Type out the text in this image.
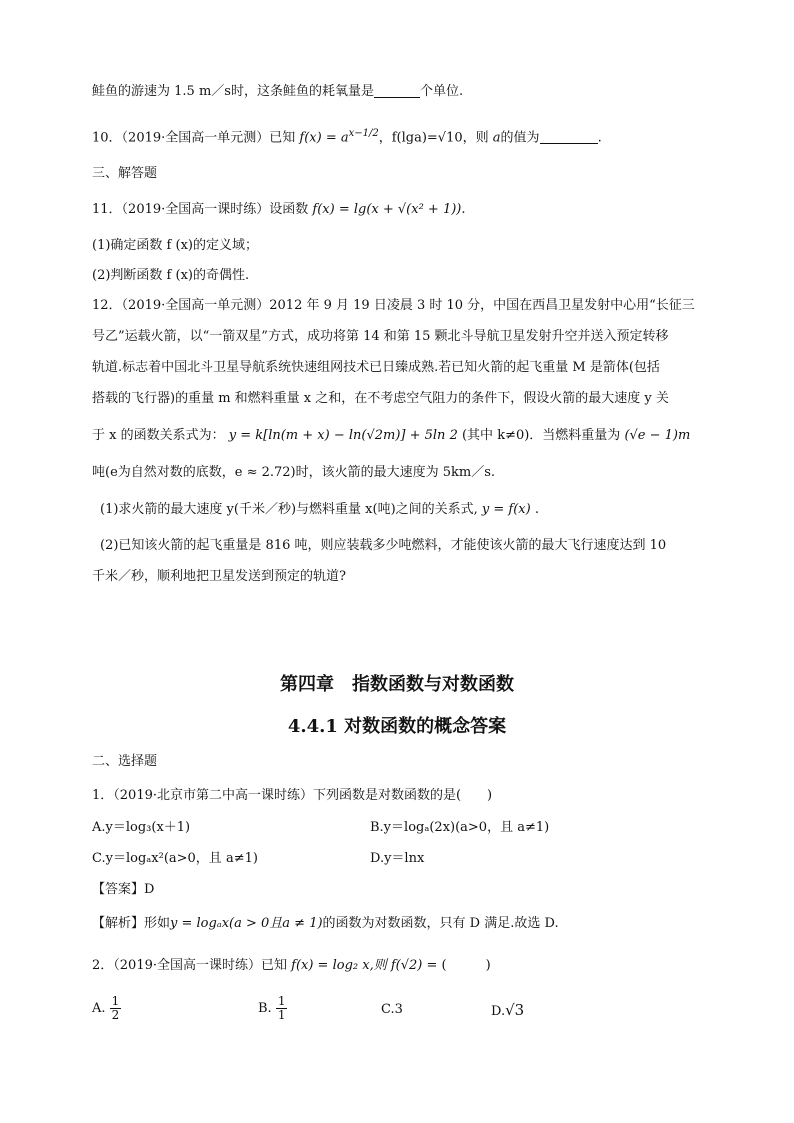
鲑鱼的游速为 1.5 m／s时，这条鲑鱼的耗氧量是	个单位.
10．（2019·全国高一单元测）已知 $f(x) = a^{x-1/2}$，f(lga)=√10，则 a的值为	.
三、解答题
11．（2019·全国高一课时练）设函数 f(x) = lg(x + √(x² + 1)).
(1)确定函数 f (x)的定义域；
(2)判断函数 f (x)的奇偶性.
12．（2019·全国高一单元测）2012 年 9 月 19 日凌晨 3 时 10 分，中国在西昌卫星发射中心用“长征三
号乙”运载火箭，以“一箭双星”方式，成功将第 14 和第 15 颗北斗导航卫星发射升空并送入预定转移
轨道.标志着中国北斗卫星导航系统快速组网技术已日臻成熟.若已知火箭的起飞重量 M 是箭体(包括
搭载的飞行器)的重量 m 和燃料重量 x 之和，在不考虑空气阻力的条件下，假设火箭的最大速度 y 关
于 x 的函数关系式为： y = k[ln(m + x) − ln(√2m)] + 5ln 2 (其中 k≠0)．当燃料重量为 (√e − 1)m
吨(e为自然对数的底数，e ≈ 2.72)时，该火箭的最大速度为 5km／s.
(1)求火箭的最大速度 y(千米／秒)与燃料重量 x(吨)之间的关系式, y = f(x) .
(2)已知该火箭的起飞重量是 816 吨，则应装载多少吨燃料，才能使该火箭的最大飞行速度达到 10
千米／秒，顺利地把卫星发送到预定的轨道?
第四章　指数函数与对数函数
4.4.1 对数函数的概念答案
二、选择题
1．（2019·北京市第二中高一课时练）下列函数是对数函数的是(　　)
A.y＝log₃(x＋1)	B.y＝logₐ(2x)(a>0，且 a≠1)
C.y＝logₐx²(a>0，且 a≠1)	D.y＝lnx
【答案】D
【解析】形如y = logₐx(a > 0且a ≠ 1)的函数为对数函数，只有 D 满足.故选 D.
2．（2019·全国高一课时练）已知 f(x) = log₂ x,则 f(√2) = (　　　)
A. $\frac{1}{2}$	B. $\frac{1}{1}$	C.3	D.√3
